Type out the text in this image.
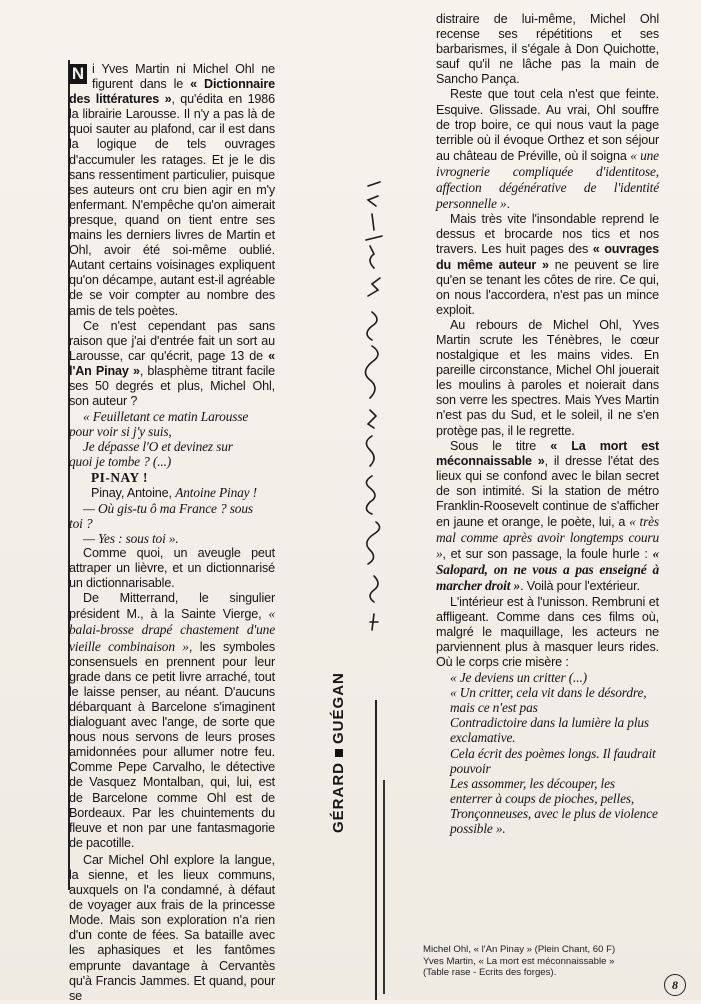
N i Yves Martin ni Michel Ohl ne figurent dans le « Dictionnaire des littératures », qu'édita en 1986 la librairie Larousse. Il n'y a pas là de quoi sauter au plafond, car il est dans la logique de tels ouvrages d'accumuler les ratages. Et je le dis sans ressentiment particulier, puisque ses auteurs ont cru bien agir en m'y enfermant. N'empêche qu'on aimerait presque, quand on tient entre ses mains les derniers livres de Martin et Ohl, avoir été soi-même oublié. Autant certains voisinages expliquent qu'on décampe, autant est-il agréable de se voir compter au nombre des amis de tels poètes.

Ce n'est cependant pas sans raison que j'ai d'entrée fait un sort au Larousse, car qu'écrit, page 13 de « l'An Pinay », blasphème titrant facile ses 50 degrés et plus, Michel Ohl, son auteur ?

« Feuilletant ce matin Larousse
pour voir si j'y suis,
Je dépasse l'O et devinez sur
quoi je tombe ? (...)
PI-NAY !
Pinay, Antoine, Antoine Pinay !
— Où gis-tu ô ma France ? sous
toi ?
— Yes : sous toi ».

Comme quoi, un aveugle peut attraper un lièvre, et un dictionnarisé un dictionnarisable.

De Mitterrand, le singulier président M., à la Sainte Vierge, « balai-brosse drapé chastement d'une vieille combinaison », les symboles consensuels en prennent pour leur grade dans ce petit livre arraché, tout le laisse penser, au néant. D'aucuns débarquant à Barcelone s'imaginent dialoguant avec l'ange, de sorte que nous nous servons de leurs proses amidonnées pour allumer notre feu. Comme Pepe Carvalho, le détective de Vasquez Montalban, qui, lui, est de Barcelone comme Ohl est de Bordeaux. Par les chuintements du fleuve et non par une fantasmagorie de pacotille.

Car Michel Ohl explore la langue, la sienne, et les lieux communs, auxquels on l'a condamné, à défaut de voyager aux frais de la princesse Mode. Mais son exploration n'a rien d'un conte de fées. Sa bataille avec les aphasiques et les fantômes emprunte davantage à Cervantès qu'à Francis Jammes. Et quand, pour se

distraire de lui-même, Michel Ohl recense ses répétitions et ses barbarismes, il s'égale à Don Quichotte, sauf qu'il ne lâche pas la main de Sancho Pança.

Reste que tout cela n'est que feinte. Esquive. Glissade. Au vrai, Ohl souffre de trop boire, ce qui nous vaut la page terrible où il évoque Orthez et son séjour au château de Préville, où il soigna « une ivrognerie compliquée d'identitose, affection dégénérative de l'identité personnelle ».

Mais très vite l'insondable reprend le dessus et brocarde nos tics et nos travers. Les huit pages des « ouvrages du même auteur » ne peuvent se lire qu'en se tenant les côtes de rire. Ce qui, on nous l'accordera, n'est pas un mince exploit.

Au rebours de Michel Ohl, Yves Martin scrute les Ténèbres, le cœur nostalgique et les mains vides. En pareille circonstance, Michel Ohl jouerait les moulins à paroles et noierait dans son verre les spectres. Mais Yves Martin n'est pas du Sud, et le soleil, il ne s'en protège pas, il le regrette.

Sous le titre « La mort est méconnaissable », il dresse l'état des lieux qui se confond avec le bilan secret de son intimité. Si la station de métro Franklin-Roosevelt continue de s'afficher en jaune et orange, le poète, lui, a « très mal comme après avoir longtemps couru », et sur son passage, la foule hurle : « Salopard, on ne vous a pas enseigné à marcher droit ». Voilà pour l'extérieur.

L'intérieur est à l'unisson. Rembruni et affligeant. Comme dans ces films où, malgré le maquillage, les acteurs ne parviennent plus à masquer leurs rides. Où le corps crie misère :

« Je deviens un critter (...)
« Un critter, cela vit dans le désordre, mais ce n'est pas
Contradictoire dans la lumière la plus exclamative.
Cela écrit des poèmes longs. Il faudrait pouvoir
Les assommer, les découper, les enterrer à coups de pioches, pelles, Tronçonneuses, avec le plus de violence possible ».
GÉRARDGUÉGAN
Michel Ohl, « l'An Pinay » (Plein Chant, 60 F)
Yves Martin, « La mort est méconnaissable »
(Table rase - Ecrits des forges).
8
